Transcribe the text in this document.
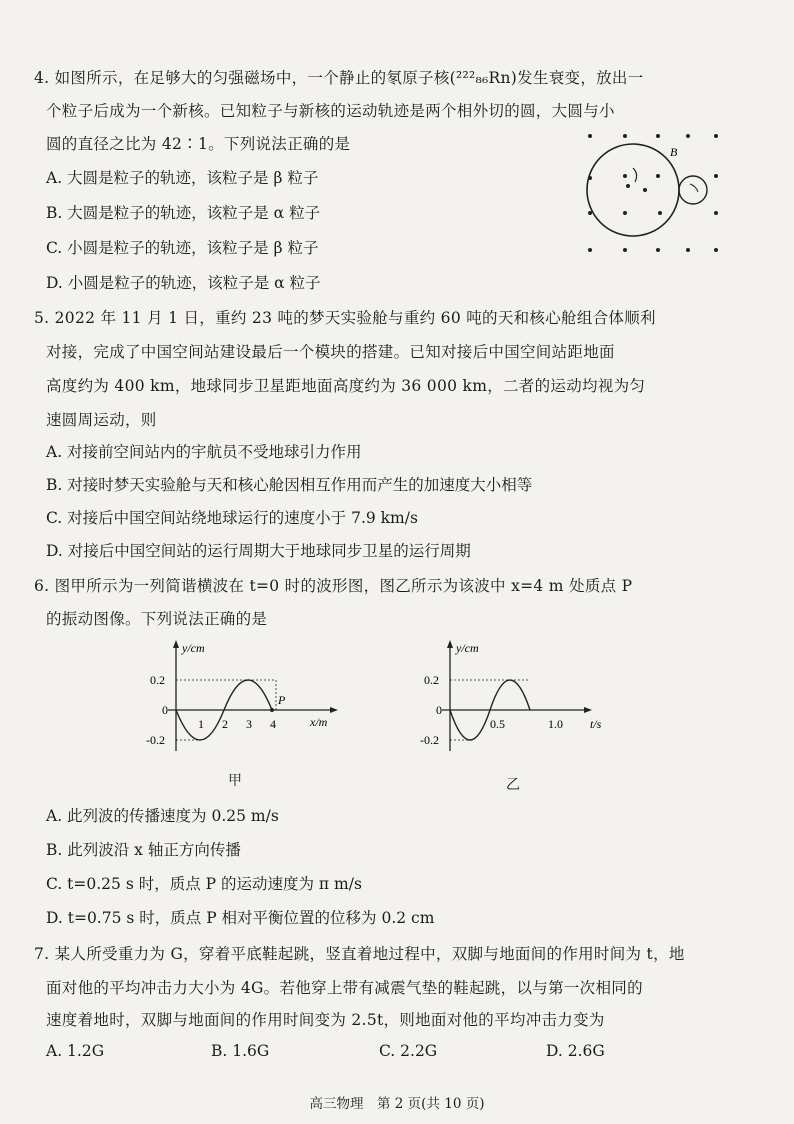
4. 如图所示，在足够大的匀强磁场中，一个静止的氡原子核(²²²₈₆Rn)发生衰变，放出一
个粒子后成为一个新核。已知粒子与新核的运动轨迹是两个相外切的圆，大圆与小
圆的直径之比为 42∶1。下列说法正确的是
A. 大圆是粒子的轨迹，该粒子是 β 粒子
B. 大圆是粒子的轨迹，该粒子是 α 粒子
C. 小圆是粒子的轨迹，该粒子是 β 粒子
D. 小圆是粒子的轨迹，该粒子是 α 粒子
B
5. 2022 年 11 月 1 日，重约 23 吨的梦天实验舱与重约 60 吨的天和核心舱组合体顺利
对接，完成了中国空间站建设最后一个模块的搭建。已知对接后中国空间站距地面
高度约为 400 km，地球同步卫星距地面高度约为 36 000 km，二者的运动均视为匀
速圆周运动，则
A. 对接前空间站内的宇航员不受地球引力作用
B. 对接时梦天实验舱与天和核心舱因相互作用而产生的加速度大小相等
C. 对接后中国空间站绕地球运行的速度小于 7.9 km/s
D. 对接后中国空间站的运行周期大于地球同步卫星的运行周期
6. 图甲所示为一列简谐横波在 t=0 时的波形图，图乙所示为该波中 x=4 m 处质点 P
的振动图像。下列说法正确的是
y/cm
x/m
0.2
0
-0.2
P
1 2 3 4
甲
y/cm
t/s
0.2
0
-0.2
0.5	1.0
乙
A. 此列波的传播速度为 0.25 m/s
B. 此列波沿 x 轴正方向传播
C. t=0.25 s 时，质点 P 的运动速度为 π m/s
D. t=0.75 s 时，质点 P 相对平衡位置的位移为 0.2 cm
7. 某人所受重力为 G，穿着平底鞋起跳，竖直着地过程中，双脚与地面间的作用时间为 t，地
面对他的平均冲击力大小为 4G。若他穿上带有减震气垫的鞋起跳，以与第一次相同的
速度着地时，双脚与地面间的作用时间变为 2.5t，则地面对他的平均冲击力变为
A. 1.2G	B. 1.6G	C. 2.2G	D. 2.6G
高三物理　第 2 页(共 10 页)
